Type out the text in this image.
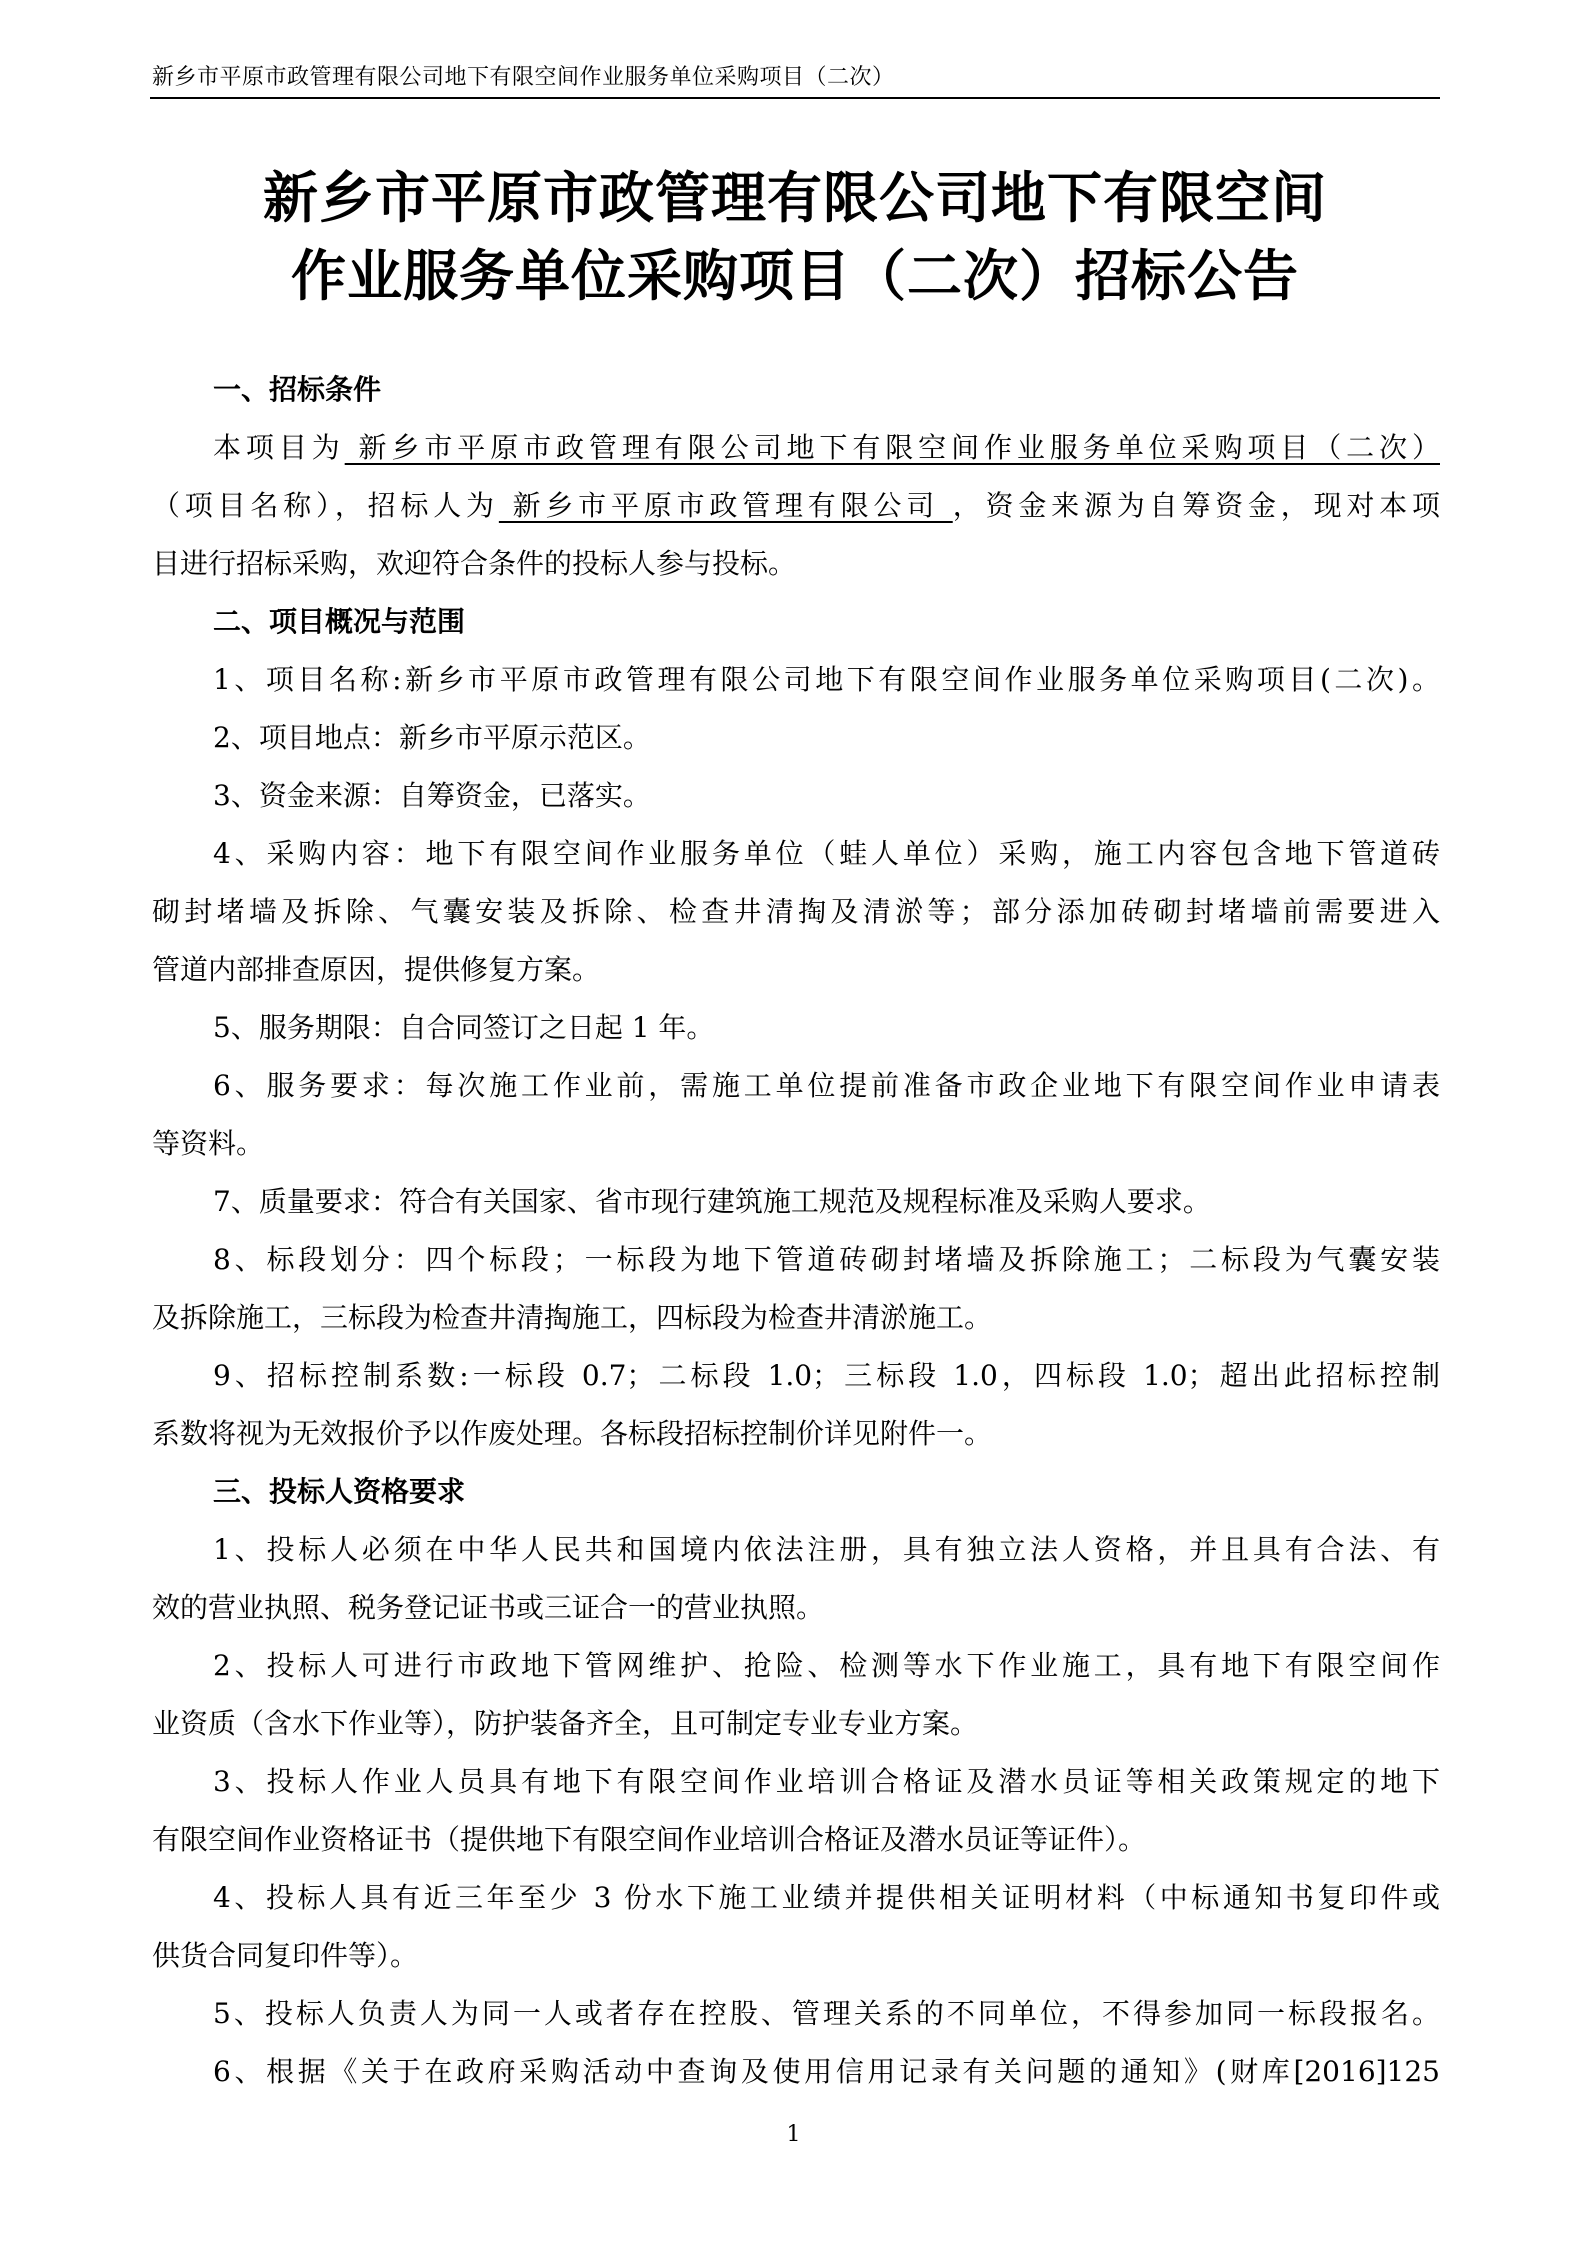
新乡市平原市政管理有限公司地下有限空间作业服务单位采购项目（二次）
新乡市平原市政管理有限公司地下有限空间
作业服务单位采购项目（二次）招标公告
一、招标条件
本项目为 新乡市平原市政管理有限公司地下有限空间作业服务单位采购项目（二次）
（项目名称），招标人为 新乡市平原市政管理有限公司 ，资金来源为自筹资金，现对本项
目进行招标采购，欢迎符合条件的投标人参与投标。
二、项目概况与范围
1、项目名称:新乡市平原市政管理有限公司地下有限空间作业服务单位采购项目(二次)。
2、项目地点：新乡市平原示范区。
3、资金来源：自筹资金，已落实。
4、采购内容：地下有限空间作业服务单位（蛙人单位）采购，施工内容包含地下管道砖
砌封堵墙及拆除、气囊安装及拆除、检查井清掏及清淤等；部分添加砖砌封堵墙前需要进入
管道内部排查原因，提供修复方案。
5、服务期限：自合同签订之日起 1 年。
6、服务要求：每次施工作业前，需施工单位提前准备市政企业地下有限空间作业申请表
等资料。
7、质量要求：符合有关国家、省市现行建筑施工规范及规程标准及采购人要求。
8、标段划分：四个标段；一标段为地下管道砖砌封堵墙及拆除施工；二标段为气囊安装
及拆除施工，三标段为检查井清掏施工，四标段为检查井清淤施工。
9、招标控制系数:一标段 0.7；二标段 1.0；三标段 1.0，四标段 1.0；超出此招标控制
系数将视为无效报价予以作废处理。各标段招标控制价详见附件一。
三、投标人资格要求
1、投标人必须在中华人民共和国境内依法注册，具有独立法人资格，并且具有合法、有
效的营业执照、税务登记证书或三证合一的营业执照。
2、投标人可进行市政地下管网维护、抢险、检测等水下作业施工，具有地下有限空间作
业资质（含水下作业等），防护装备齐全，且可制定专业专业方案。
3、投标人作业人员具有地下有限空间作业培训合格证及潜水员证等相关政策规定的地下
有限空间作业资格证书（提供地下有限空间作业培训合格证及潜水员证等证件）。
4、投标人具有近三年至少 3 份水下施工业绩并提供相关证明材料（中标通知书复印件或
供货合同复印件等）。
5、投标人负责人为同一人或者存在控股、管理关系的不同单位，不得参加同一标段报名。
6、根据《关于在政府采购活动中查询及使用信用记录有关问题的通知》(财库[2016]125
1
